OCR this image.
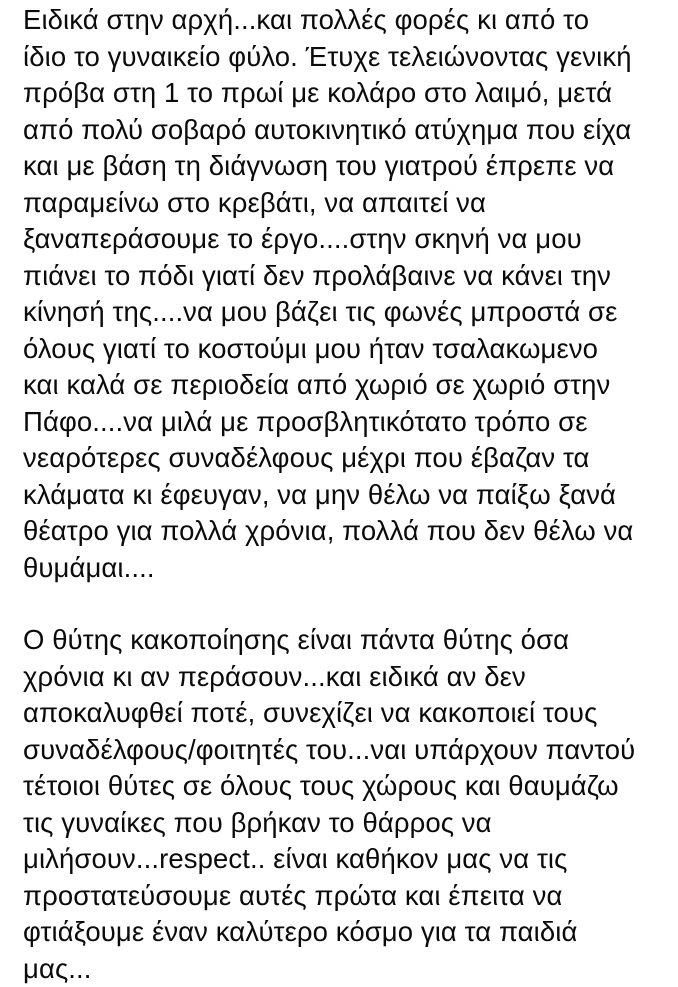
Ειδικά στην αρχή...και πολλές φορές κι από το
ίδιο το γυναικείο φύλο. Έτυχε τελειώνοντας γενική
πρόβα στη 1 το πρωί με κολάρο στο λαιμό, μετά
από πολύ σοβαρό αυτοκινητικό ατύχημα που είχα
και με βάση τη διάγνωση του γιατρού έπρεπε να
παραμείνω στο κρεβάτι, να απαιτεί να
ξαναπεράσουμε το έργο....στην σκηνή να μου
πιάνει το πόδι γιατί δεν προλάβαινε να κάνει την
κίνησή της....να μου βάζει τις φωνές μπροστά σε
όλους γιατί το κοστούμι μου ήταν τσαλακωμενο
και καλά σε περιοδεία από χωριό σε χωριό στην
Πάφο....να μιλά με προσβλητικότατο τρόπο σε
νεαρότερες συναδέλφους μέχρι που έβαζαν τα
κλάματα κι έφευγαν, να μην θέλω να παίξω ξανά
θέατρο για πολλά χρόνια, πολλά που δεν θέλω να
θυμάμαι....
Ο θύτης κακοποίησης είναι πάντα θύτης όσα
χρόνια κι αν περάσουν...και ειδικά αν δεν
αποκαλυφθεί ποτέ, συνεχίζει να κακοποιεί τους
συναδέλφους/φοιτητές του...ναι υπάρχουν παντού
τέτοιοι θύτες σε όλους τους χώρους και θαυμάζω
τις γυναίκες που βρήκαν το θάρρος να
μιλήσουν...respect.. είναι καθήκον μας να τις
προστατεύσουμε αυτές πρώτα και έπειτα να
φτιάξουμε έναν καλύτερο κόσμο για τα παιδιά
μας...
